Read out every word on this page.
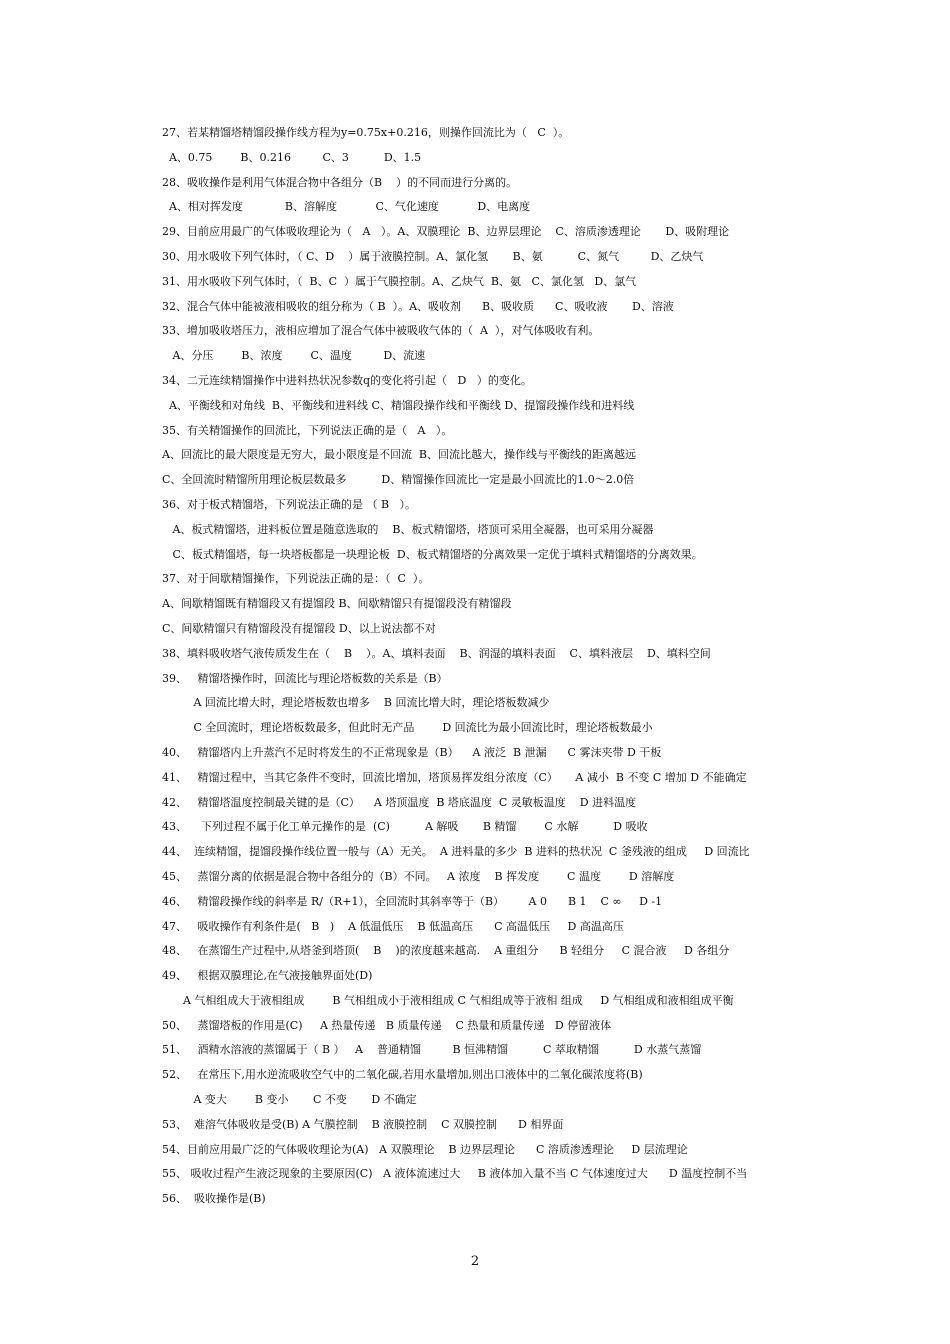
27、若某精馏塔精馏段操作线方程为y=0.75x+0.216，则操作回流比为（   C  ）。
A、0.75        B、0.216         C、3          D、1.5
28、吸收操作是利用气体混合物中各组分（B    ）的不同而进行分离的。
A、相对挥发度            B、溶解度           C、气化速度           D、电离度
29、目前应用最广的气体吸收理论为（   A   ）。A、双膜理论  B、边界层理论    C、溶质渗透理论       D、吸附理论
30、用水吸收下列气体时，（ C、D    ）属于液膜控制。A、氯化氢       B、氨          C、氮气         D、乙炔气
31、用水吸收下列气体时，（  B、C  ）属于气膜控制。A、乙炔气  B、氨   C、氯化氢   D、氯气
32、混合气体中能被液相吸收的组分称为（ B  ）。A、吸收剂      B、吸收质      C、吸收液       D、溶液
33、增加吸收塔压力，液相应增加了混合气体中被吸收气体的（  A  ），对气体吸收有利。
A、分压        B、浓度        C、温度         D、流速
34、二元连续精馏操作中进料热状况参数q的变化将引起（   D   ）的变化。
A、平衡线和对角线  B、平衡线和进料线 C、精馏段操作线和平衡线 D、提馏段操作线和进料线
35、有关精馏操作的回流比，下列说法正确的是（   A   ）。
A、回流比的最大限度是无穷大，最小限度是不回流  B、回流比越大，操作线与平衡线的距离越远
C、全回流时精馏所用理论板层数最多          D、精馏操作回流比一定是最小回流比的1.0～2.0倍
36、对于板式精馏塔，下列说法正确的是 （ B   ）。
A、板式精馏塔，进料板位置是随意选取的    B、板式精馏塔，塔顶可采用全凝器，也可采用分凝器
C、板式精馏塔，每一块塔板都是一块理论板  D、板式精馏塔的分离效果一定优于填料式精馏塔的分离效果。
37、对于间歇精馏操作，下列说法正确的是：（  C  ）。
A、间歇精馏既有精馏段又有提馏段 B、间歇精馏只有提馏段没有精馏段
C、间歇精馏只有精馏段没有提馏段 D、以上说法都不对
38、填料吸收塔气液传质发生在（    B    ）。A、填料表面    B、润湿的填料表面    C、填料液层    D、填料空间
39、   精馏塔操作时，回流比与理论塔板数的关系是（B）
A 回流比增大时，理论塔板数也增多    B 回流比增大时，理论塔板数减少
C 全回流时，理论塔板数最多，但此时无产品        D 回流比为最小回流比时，理论塔板数最小
40、   精馏塔内上升蒸汽不足时将发生的不正常现象是（B）    A 液泛  B 泄漏      C 雾沫夹带 D 干板
41、   精馏过程中，当其它条件不变时，回流比增加，塔顶易挥发组分浓度（C）     A 减小  B 不变 C 增加 D 不能确定
42、   精馏塔温度控制最关键的是（C）    A 塔顶温度  B 塔底温度  C 灵敏板温度    D 进料温度
43、    下列过程不属于化工单元操作的是  (C)          A 解吸       B 精馏        C 水解          D 吸收
44、  连续精馏，提馏段操作线位置一般与（A）无关。  A 进料量的多少  B 进料的热状况  C 釜残液的组成     D 回流比
45、   蒸馏分离的依据是混合物中各组分的（B）不同。   A 浓度    B 挥发度        C 温度        D 溶解度
46、   精馏段操作线的斜率是 R/（R+1），全回流时其斜率等于（B）       A 0      B 1    C ∞     D -1
47、   吸收操作有利条件是(   B   )    A 低温低压    B 低温高压      C 高温低压     D 高温高压
48、   在蒸馏生产过程中,从塔釜到塔顶(    B    )的浓度越来越高.    A 重组分      B 轻组分     C 混合液     D 各组分
49、   根据双膜理论,在气液接触界面处(D)
A 气相组成大于液相组成        B 气相组成小于液相组成 C 气相组成等于液相 组成     D 气相组成和液相组成平衡
50、   蒸馏塔板的作用是(C)     A 热量传递   B 质量传递    C 热量和质量传递   D 停留液体
51、   酒精水溶液的蒸馏属于（ B ）   A    普通精馏         B 恒沸精馏          C 萃取精馏          D 水蒸气蒸馏
52、   在常压下,用水逆流吸收空气中的二氧化碳,若用水量增加,则出口液体中的二氧化碳浓度将(B)
A 变大        B 变小       C 不变       D 不确定
53、  难溶气体吸收是受(B) A 气膜控制    B 液膜控制    C 双膜控制      D 相界面
54、目前应用最广泛的气体吸收理论为(A)   A 双膜理论    B 边界层理论      C 溶质渗透理论     D 层流理论
55、 吸收过程产生液泛现象的主要原因(C)   A 液体流速过大     B 液体加入量不当 C 气体速度过大      D 温度控制不当
56、  吸收操作是(B)
2
